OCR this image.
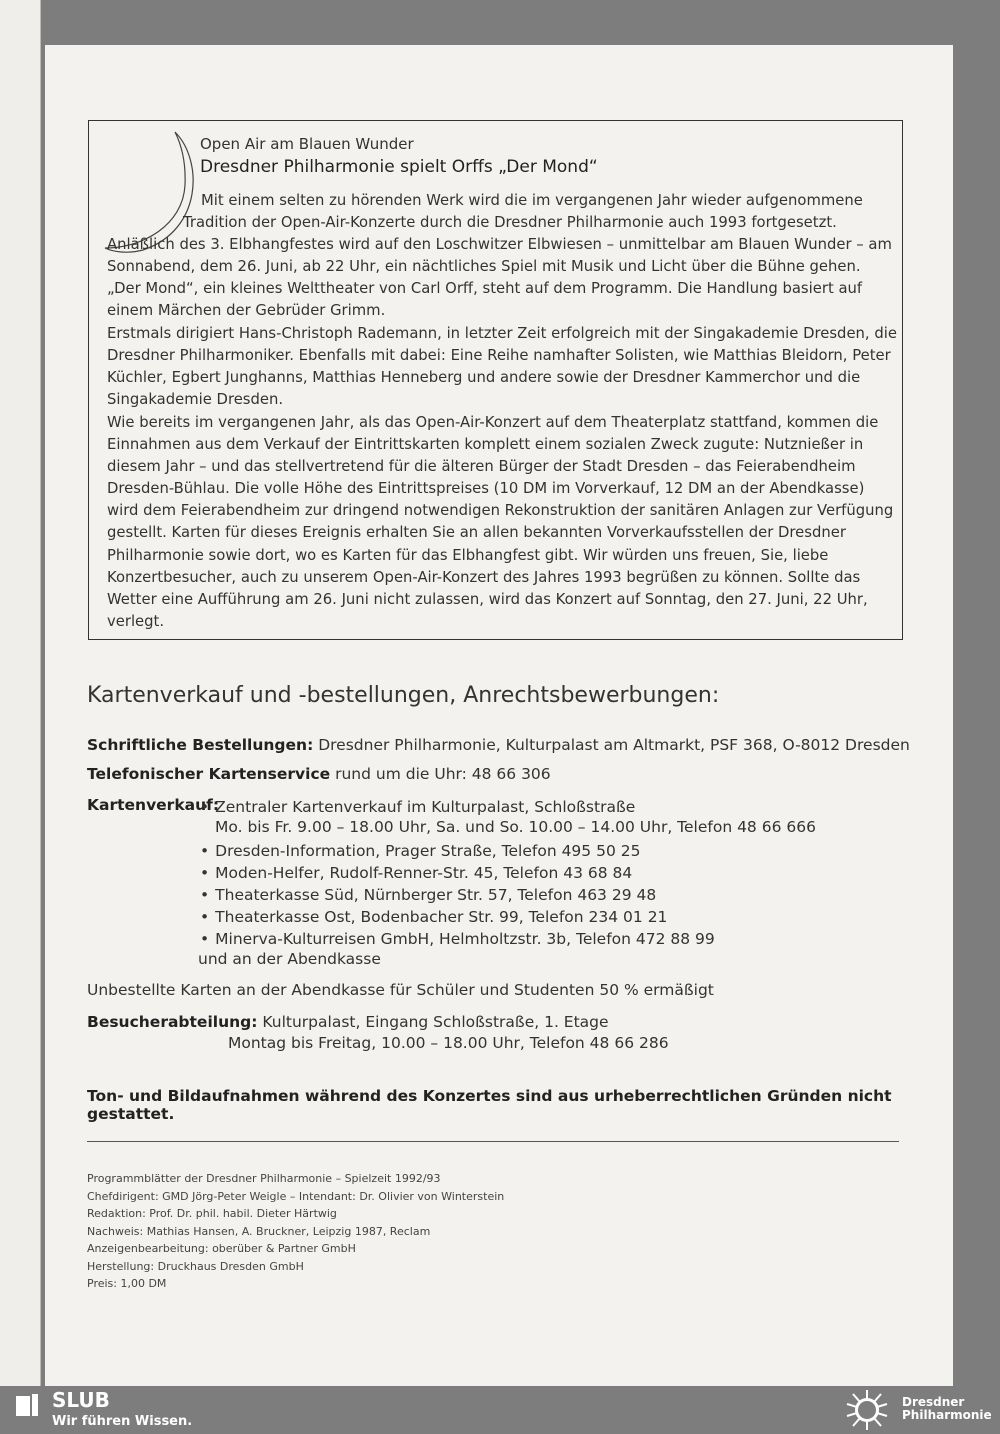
Open Air am Blauen Wunder
Dresdner Philharmonie spielt Orffs „Der Mond“

Mit einem selten zu hörenden Werk wird die im vergangenen Jahr wieder aufgenommene Tradition der Open-Air-Konzerte durch die Dresdner Philharmonie auch 1993 fortgesetzt.

Anläßlich des 3. Elbhangfestes wird auf den Loschwitzer Elbwiesen – unmittelbar am Blauen Wunder – am Sonnabend, dem 26. Juni, ab 22 Uhr, ein nächtliches Spiel mit Musik und Licht über die Bühne gehen. „Der Mond“, ein kleines Welttheater von Carl Orff, steht auf dem Programm. Die Handlung basiert auf einem Märchen der Gebrüder Grimm.

Erstmals dirigiert Hans-Christoph Rademann, in letzter Zeit erfolgreich mit der Singakademie Dresden, die Dresdner Philharmoniker. Ebenfalls mit dabei: Eine Reihe namhafter Solisten, wie Matthias Bleidorn, Peter Küchler, Egbert Junghanns, Matthias Henneberg und andere sowie der Dresdner Kammerchor und die Singakademie Dresden.

Wie bereits im vergangenen Jahr, als das Open-Air-Konzert auf dem Theaterplatz stattfand, kommen die Einnahmen aus dem Verkauf der Eintrittskarten komplett einem sozialen Zweck zugute: Nutznießer in diesem Jahr – und das stellvertretend für die älteren Bürger der Stadt Dresden – das Feierabendheim Dresden-Bühlau. Die volle Höhe des Eintrittspreises (10 DM im Vorverkauf, 12 DM an der Abendkasse) wird dem Feierabendheim zur dringend notwendigen Rekonstruktion der sanitären Anlagen zur Verfügung gestellt. Karten für dieses Ereignis erhalten Sie an allen bekannten Vorverkaufsstellen der Dresdner Philharmonie sowie dort, wo es Karten für das Elbhangfest gibt. Wir würden uns freuen, Sie, liebe Konzertbesucher, auch zu unserem Open-Air-Konzert des Jahres 1993 begrüßen zu können. Sollte das Wetter eine Aufführung am 26. Juni nicht zulassen, wird das Konzert auf Sonntag, den 27. Juni, 22 Uhr, verlegt.

Kartenverkauf und -bestellungen, Anrechtsbewerbungen:
Schriftliche Bestellungen: Dresdner Philharmonie, Kulturpalast am Altmarkt, PSF 368, O-8012 Dresden
Telefonischer Kartenservice rund um die Uhr: 48 66 306
Kartenverkauf:
• Zentraler Kartenverkauf im Kulturpalast, Schloßstraße
Mo. bis Fr. 9.00 – 18.00 Uhr, Sa. und So. 10.00 – 14.00 Uhr, Telefon 48 66 666
• Dresden-Information, Prager Straße, Telefon 495 50 25
• Moden-Helfer, Rudolf-Renner-Str. 45, Telefon 43 68 84
• Theaterkasse Süd, Nürnberger Str. 57, Telefon 463 29 48
• Theaterkasse Ost, Bodenbacher Str. 99, Telefon 234 01 21
• Minerva-Kulturreisen GmbH, Helmholtzstr. 3b, Telefon 472 88 99
und an der Abendkasse
Unbestellte Karten an der Abendkasse für Schüler und Studenten 50 % ermäßigt
Besucherabteilung: Kulturpalast, Eingang Schloßstraße, 1. Etage
Montag bis Freitag, 10.00 – 18.00 Uhr, Telefon 48 66 286
Ton- und Bildaufnahmen während des Konzertes sind aus urheberrechtlichen Gründen nicht gestattet.
Programmblätter der Dresdner Philharmonie – Spielzeit 1992/93
Chefdirigent: GMD Jörg-Peter Weigle – Intendant: Dr. Olivier von Winterstein
Redaktion: Prof. Dr. phil. habil. Dieter Härtwig
Nachweis: Mathias Hansen, A. Bruckner, Leipzig 1987, Reclam
Anzeigenbearbeitung: oberüber & Partner GmbH
Herstellung: Druckhaus Dresden GmbH
Preis: 1,00 DM
SLUB
Wir führen Wissen.
Dresdner
Philharmonie
